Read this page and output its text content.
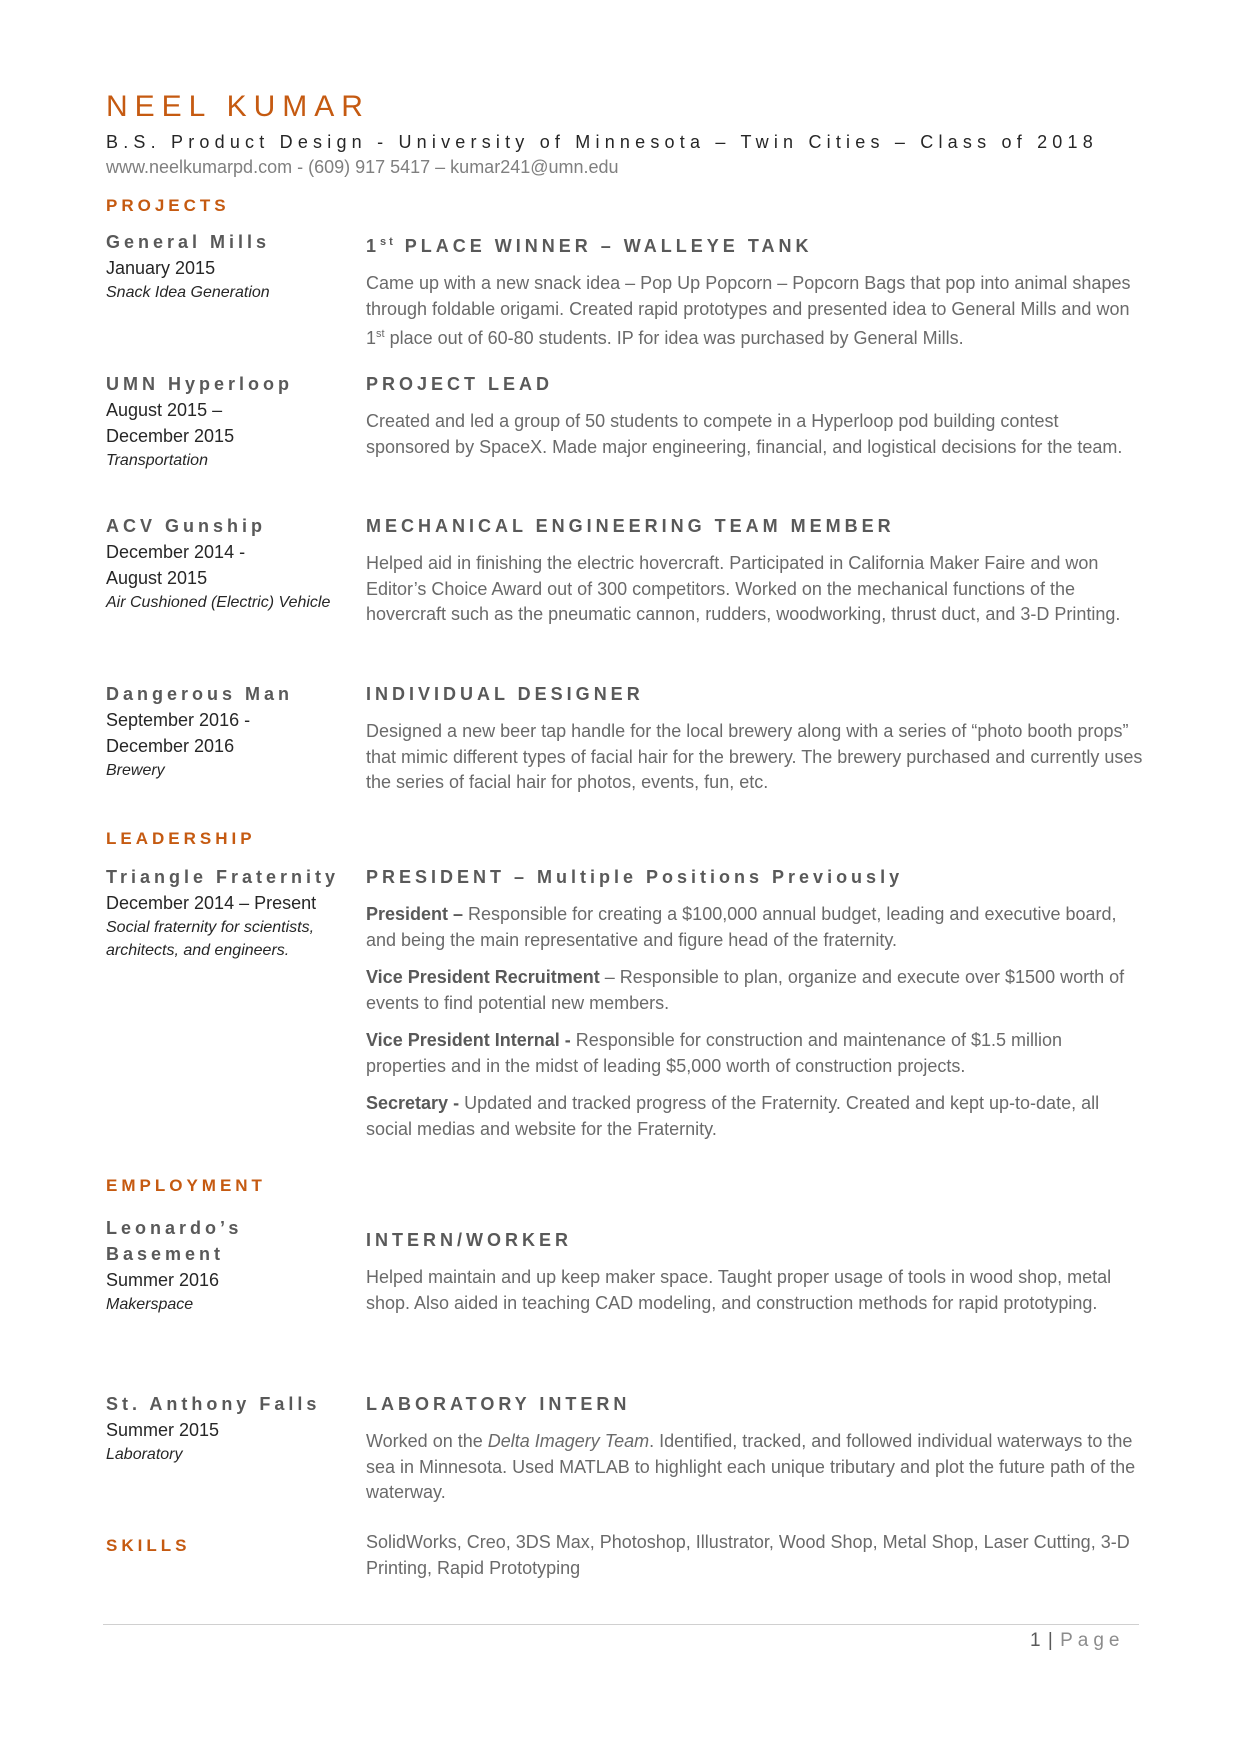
NEEL KUMAR
B.S. Product Design - University of Minnesota – Twin Cities – Class of 2018
www.neelkumarpd.com - (609) 917 5417 – kumar241@umn.edu
PROJECTS
General Mills
January 2015
Snack Idea Generation
1st PLACE WINNER – WALLEYE TANK
Came up with a new snack idea – Pop Up Popcorn – Popcorn Bags that pop into animal shapes through foldable origami. Created rapid prototypes and presented idea to General Mills and won 1st place out of 60-80 students. IP for idea was purchased by General Mills.
UMN Hyperloop
August 2015 – December 2015
Transportation
PROJECT LEAD
Created and led a group of 50 students to compete in a Hyperloop pod building contest sponsored by SpaceX. Made major engineering, financial, and logistical decisions for the team.
ACV Gunship
December 2014 - August 2015
Air Cushioned (Electric) Vehicle
MECHANICAL ENGINEERING TEAM MEMBER
Helped aid in finishing the electric hovercraft. Participated in California Maker Faire and won Editor’s Choice Award out of 300 competitors. Worked on the mechanical functions of the hovercraft such as the pneumatic cannon, rudders, woodworking, thrust duct, and 3-D Printing.
Dangerous Man
September 2016 - December 2016
Brewery
INDIVIDUAL DESIGNER
Designed a new beer tap handle for the local brewery along with a series of “photo booth props” that mimic different types of facial hair for the brewery. The brewery purchased and currently uses the series of facial hair for photos, events, fun, etc.
LEADERSHIP
Triangle Fraternity
December 2014 – Present
Social fraternity for scientists, architects, and engineers.
PRESIDENT – Multiple Positions Previously
President – Responsible for creating a $100,000 annual budget, leading and executive board, and being the main representative and figure head of the fraternity.
Vice President Recruitment – Responsible to plan, organize and execute over $1500 worth of events to find potential new members.
Vice President Internal - Responsible for construction and maintenance of $1.5 million properties and in the midst of leading $5,000 worth of construction projects.
Secretary - Updated and tracked progress of the Fraternity. Created and kept up-to-date, all social medias and website for the Fraternity.
EMPLOYMENT
Leonardo’s Basement
Summer 2016
Makerspace
INTERN/WORKER
Helped maintain and up keep maker space. Taught proper usage of tools in wood shop, metal shop. Also aided in teaching CAD modeling, and construction methods for rapid prototyping.
St. Anthony Falls
Summer 2015
Laboratory
LABORATORY INTERN
Worked on the Delta Imagery Team. Identified, tracked, and followed individual waterways to the sea in Minnesota. Used MATLAB to highlight each unique tributary and plot the future path of the waterway.
SKILLS	SolidWorks, Creo, 3DS Max, Photoshop, Illustrator, Wood Shop, Metal Shop, Laser Cutting, 3-D Printing, Rapid Prototyping
1 | Page
